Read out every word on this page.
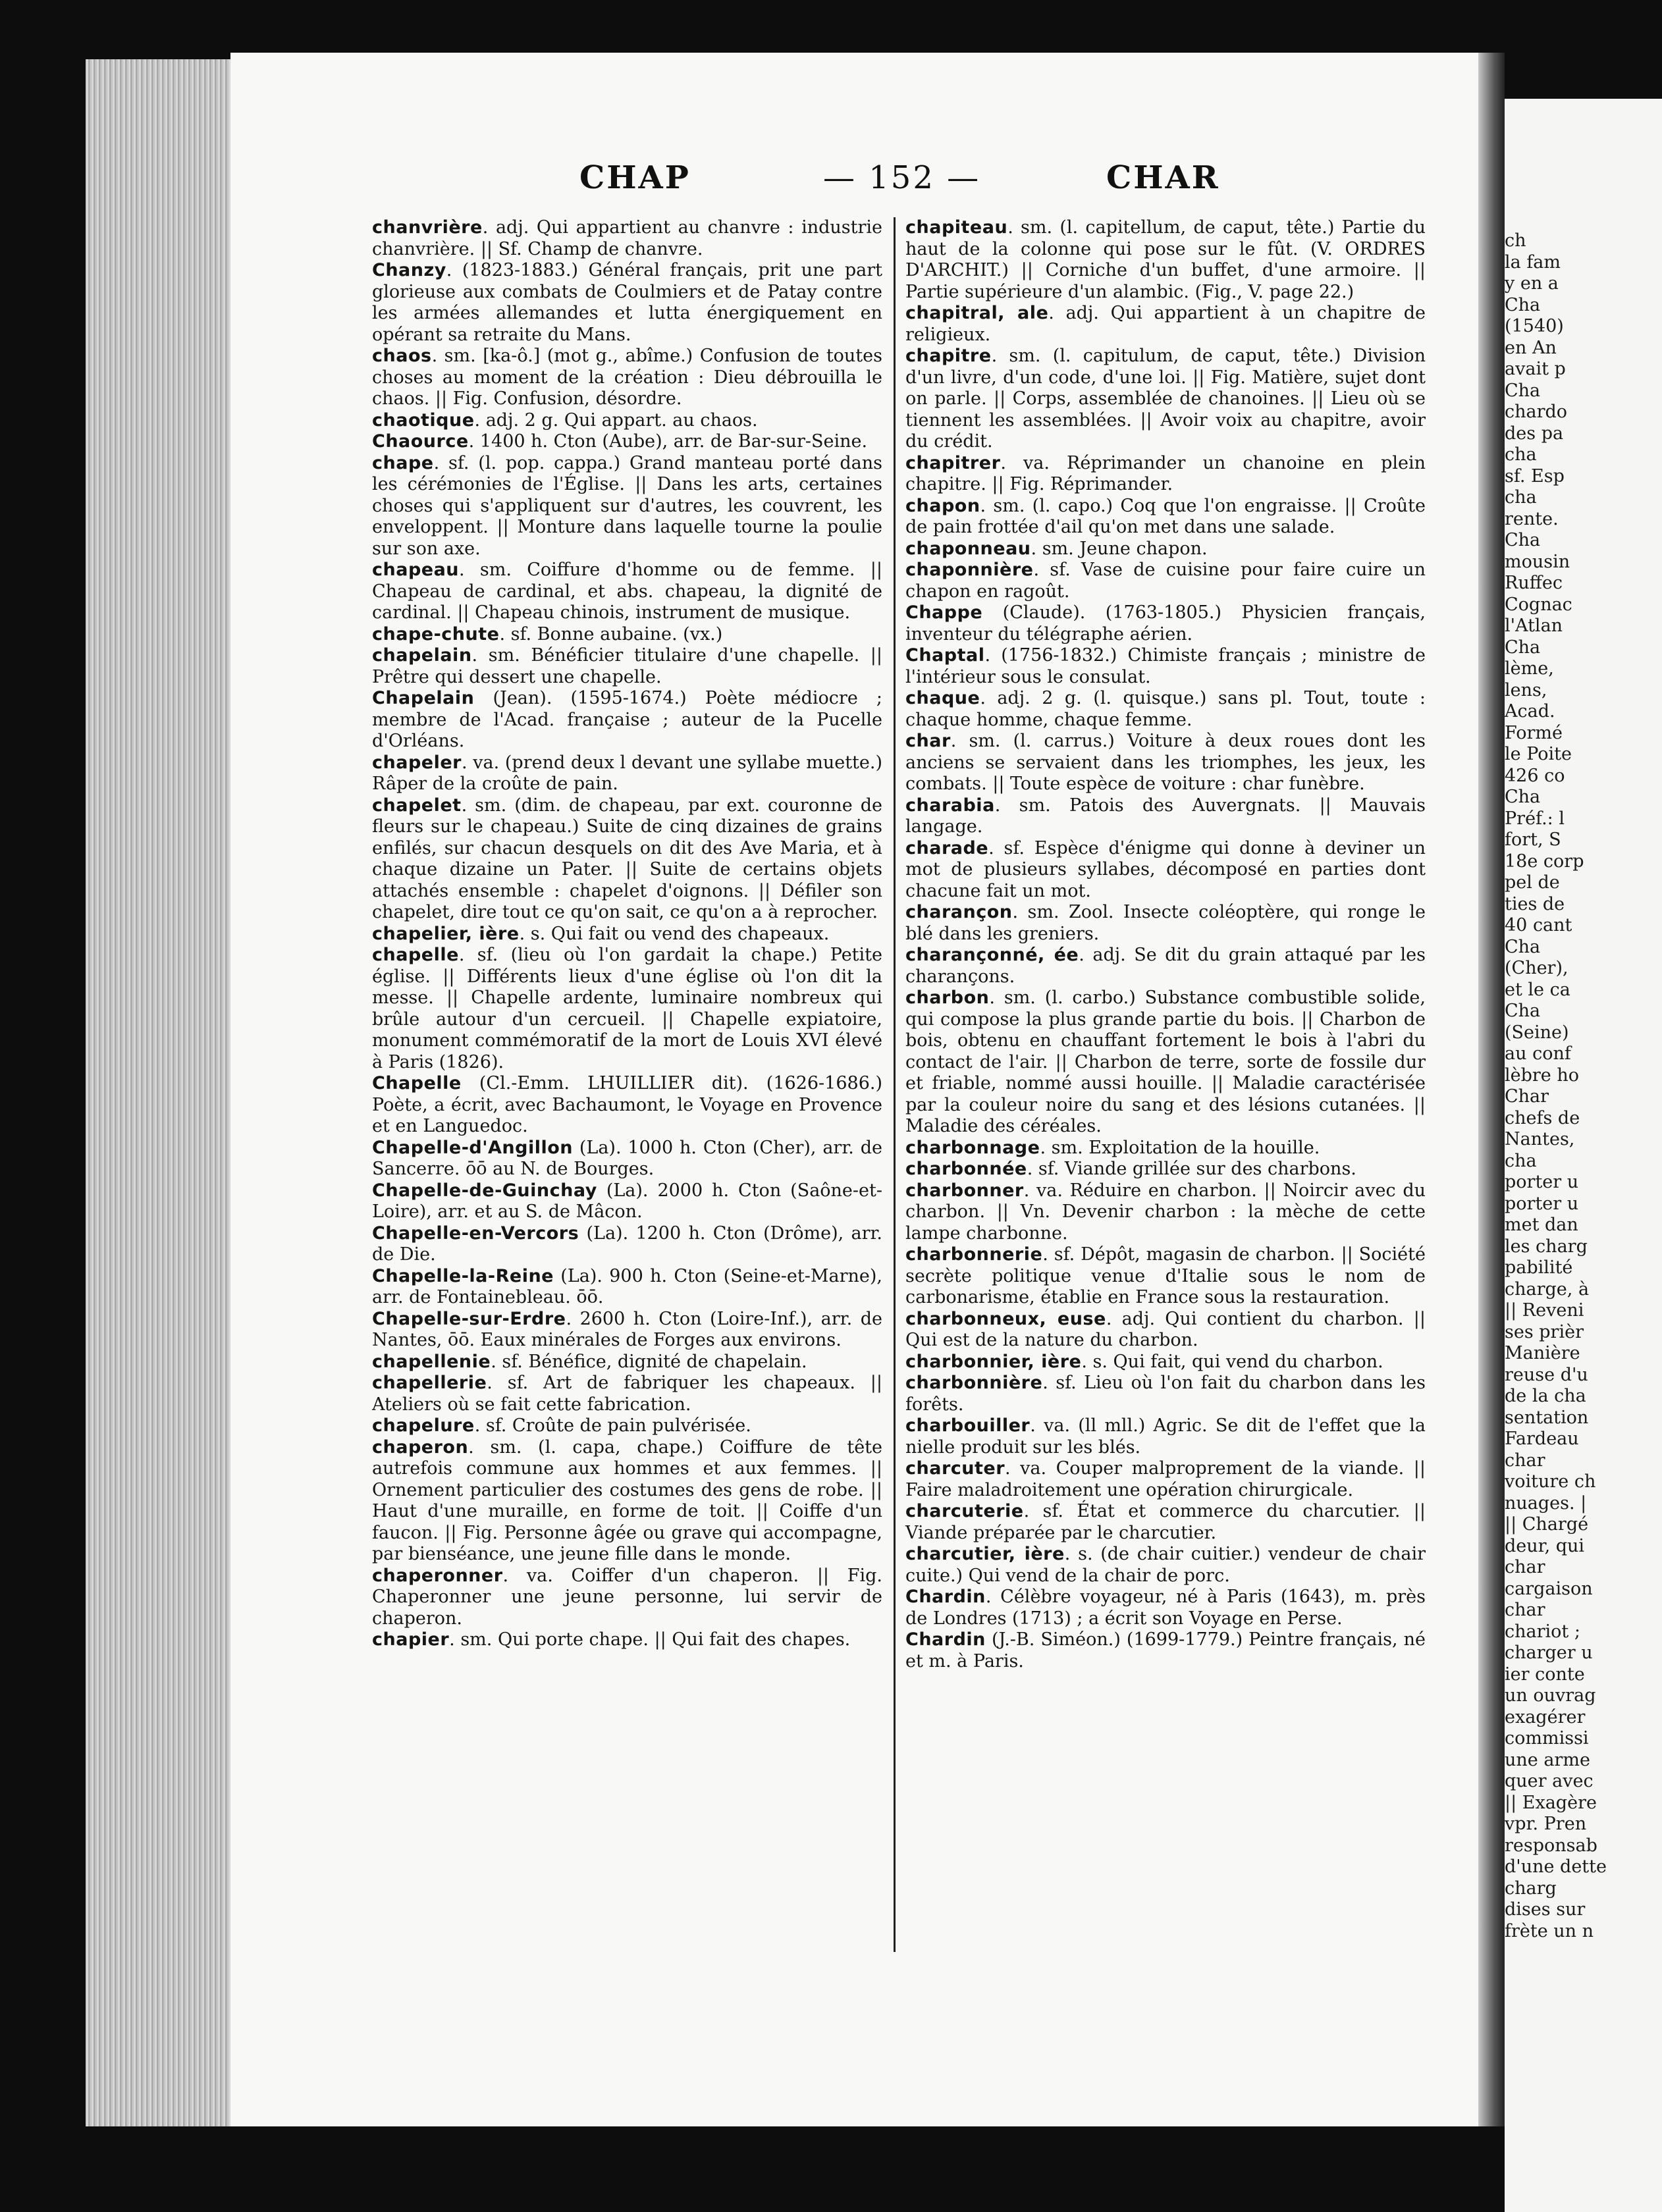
ch
la fam
y en a
Cha
(1540)
en An
avait p
Cha
chardo
des pa
cha
sf. Esp
cha
rente.
Cha
mousin
Ruffec
Cognac
l'Atlan
Cha
lème,
lens,
Acad.
Formé
le Poite
426 co
Cha
Préf.: l
fort, S
18e corp
pel de
ties de
40 cant
Cha
(Cher),
et le ca
Cha
(Seine)
au conf
lèbre ho
Char
chefs de
Nantes,
cha
porter u
porter u
met dan
les charg
pabilité
charge, à
|| Reveni
ses prièr
Manière
reuse d'u
de la cha
sentation
Fardeau
char
voiture ch
nuages. |
|| Chargé
deur, qui
char
cargaison
char
chariot ;
charger u
ier conte
un ouvrag
exagérer
commissi
une arme
quer avec
|| Exagère
vpr. Pren
responsab
d'une dette
charg
dises sur
frète un n
CHAP	— 152 —	CHAR

chanvrière. adj. Qui appartient au chanvre : industrie chanvrière. || Sf. Champ de chanvre.

Chanzy. (1823-1883.) Général français, prit une part glorieuse aux combats de Coulmiers et de Patay contre les armées allemandes et lutta énergiquement en opérant sa retraite du Mans.

chaos. sm. [ka-ô.] (mot g., abîme.) Confusion de toutes choses au moment de la création : Dieu débrouilla le chaos. || Fig. Confusion, désordre.

chaotique. adj. 2 g. Qui appart. au chaos.

Chaource. 1400 h. Cton (Aube), arr. de Bar-sur-Seine.

chape. sf. (l. pop. cappa.) Grand manteau porté dans les cérémonies de l'Église. || Dans les arts, certaines choses qui s'appliquent sur d'autres, les couvrent, les enveloppent. || Monture dans laquelle tourne la poulie sur son axe.

chapeau. sm. Coiffure d'homme ou de femme. || Chapeau de cardinal, et abs. chapeau, la dignité de cardinal. || Chapeau chinois, instrument de musique.

chape-chute. sf. Bonne aubaine. (vx.)

chapelain. sm. Bénéficier titulaire d'une chapelle. || Prêtre qui dessert une chapelle.

Chapelain (Jean). (1595-1674.) Poète médiocre ; membre de l'Acad. française ; auteur de la Pucelle d'Orléans.

chapeler. va. (prend deux l devant une syllabe muette.) Râper de la croûte de pain.

chapelet. sm. (dim. de chapeau, par ext. couronne de fleurs sur le chapeau.) Suite de cinq dizaines de grains enfilés, sur chacun desquels on dit des Ave Maria, et à chaque dizaine un Pater. || Suite de certains objets attachés ensemble : chapelet d'oignons. || Défiler son chapelet, dire tout ce qu'on sait, ce qu'on a à reprocher.

chapelier, ière. s. Qui fait ou vend des chapeaux.

chapelle. sf. (lieu où l'on gardait la chape.) Petite église. || Différents lieux d'une église où l'on dit la messe. || Chapelle ardente, luminaire nombreux qui brûle autour d'un cercueil. || Chapelle expiatoire, monument commémoratif de la mort de Louis XVI élevé à Paris (1826).

Chapelle (Cl.-Emm. LHUILLIER dit). (1626-1686.) Poète, a écrit, avec Bachaumont, le Voyage en Provence et en Languedoc.

Chapelle-d'Angillon (La). 1000 h. Cton (Cher), arr. de Sancerre. ōō au N. de Bourges.

Chapelle-de-Guinchay (La). 2000 h. Cton (Saône-et-Loire), arr. et au S. de Mâcon.

Chapelle-en-Vercors (La). 1200 h. Cton (Drôme), arr. de Die.

Chapelle-la-Reine (La). 900 h. Cton (Seine-et-Marne), arr. de Fontainebleau. ōō.

Chapelle-sur-Erdre. 2600 h. Cton (Loire-Inf.), arr. de Nantes, ōō. Eaux minérales de Forges aux environs.

chapellenie. sf. Bénéfice, dignité de chapelain.

chapellerie. sf. Art de fabriquer les chapeaux. || Ateliers où se fait cette fabrication.

chapelure. sf. Croûte de pain pulvérisée.

chaperon. sm. (l. capa, chape.) Coiffure de tête autrefois commune aux hommes et aux femmes. || Ornement particulier des costumes des gens de robe. || Haut d'une muraille, en forme de toit. || Coiffe d'un faucon. || Fig. Personne âgée ou grave qui accompagne, par bienséance, une jeune fille dans le monde.

chaperonner. va. Coiffer d'un chaperon. || Fig. Chaperonner une jeune personne, lui servir de chaperon.

chapier. sm. Qui porte chape. || Qui fait des chapes.

chapiteau. sm. (l. capitellum, de caput, tête.) Partie du haut de la colonne qui pose sur le fût. (V. ORDRES D'ARCHIT.) || Corniche d'un buffet, d'une armoire. || Partie supérieure d'un alambic. (Fig., V. page 22.)

chapitral, ale. adj. Qui appartient à un chapitre de religieux.

chapitre. sm. (l. capitulum, de caput, tête.) Division d'un livre, d'un code, d'une loi. || Fig. Matière, sujet dont on parle. || Corps, assemblée de chanoines. || Lieu où se tiennent les assemblées. || Avoir voix au chapitre, avoir du crédit.

chapitrer. va. Réprimander un chanoine en plein chapitre. || Fig. Réprimander.

chapon. sm. (l. capo.) Coq que l'on engraisse. || Croûte de pain frottée d'ail qu'on met dans une salade.

chaponneau. sm. Jeune chapon.

chaponnière. sf. Vase de cuisine pour faire cuire un chapon en ragoût.

Chappe (Claude). (1763-1805.) Physicien français, inventeur du télégraphe aérien.

Chaptal. (1756-1832.) Chimiste français ; ministre de l'intérieur sous le consulat.

chaque. adj. 2 g. (l. quisque.) sans pl. Tout, toute : chaque homme, chaque femme.

char. sm. (l. carrus.) Voiture à deux roues dont les anciens se servaient dans les triomphes, les jeux, les combats. || Toute espèce de voiture : char funèbre.

charabia. sm. Patois des Auvergnats. || Mauvais langage.

charade. sf. Espèce d'énigme qui donne à deviner un mot de plusieurs syllabes, décomposé en parties dont chacune fait un mot.

charançon. sm. Zool. Insecte coléoptère, qui ronge le blé dans les greniers.

charançonné, ée. adj. Se dit du grain attaqué par les charançons.

charbon. sm. (l. carbo.) Substance combustible solide, qui compose la plus grande partie du bois. || Charbon de bois, obtenu en chauffant fortement le bois à l'abri du contact de l'air. || Charbon de terre, sorte de fossile dur et friable, nommé aussi houille. || Maladie caractérisée par la couleur noire du sang et des lésions cutanées. || Maladie des céréales.

charbonnage. sm. Exploitation de la houille.

charbonnée. sf. Viande grillée sur des charbons.

charbonner. va. Réduire en charbon. || Noircir avec du charbon. || Vn. Devenir charbon : la mèche de cette lampe charbonne.

charbonnerie. sf. Dépôt, magasin de charbon. || Société secrète politique venue d'Italie sous le nom de carbonarisme, établie en France sous la restauration.

charbonneux, euse. adj. Qui contient du charbon. || Qui est de la nature du charbon.

charbonnier, ière. s. Qui fait, qui vend du charbon.

charbonnière. sf. Lieu où l'on fait du charbon dans les forêts.

charbouiller. va. (ll mll.) Agric. Se dit de l'effet que la nielle produit sur les blés.

charcuter. va. Couper malproprement de la viande. || Faire maladroitement une opération chirurgicale.

charcuterie. sf. État et commerce du charcutier. || Viande préparée par le charcutier.

charcutier, ière. s. (de chair cuitier.) vendeur de chair cuite.) Qui vend de la chair de porc.

Chardin. Célèbre voyageur, né à Paris (1643), m. près de Londres (1713) ; a écrit son Voyage en Perse.

Chardin (J.-B. Siméon.) (1699-1779.) Peintre français, né et m. à Paris.
